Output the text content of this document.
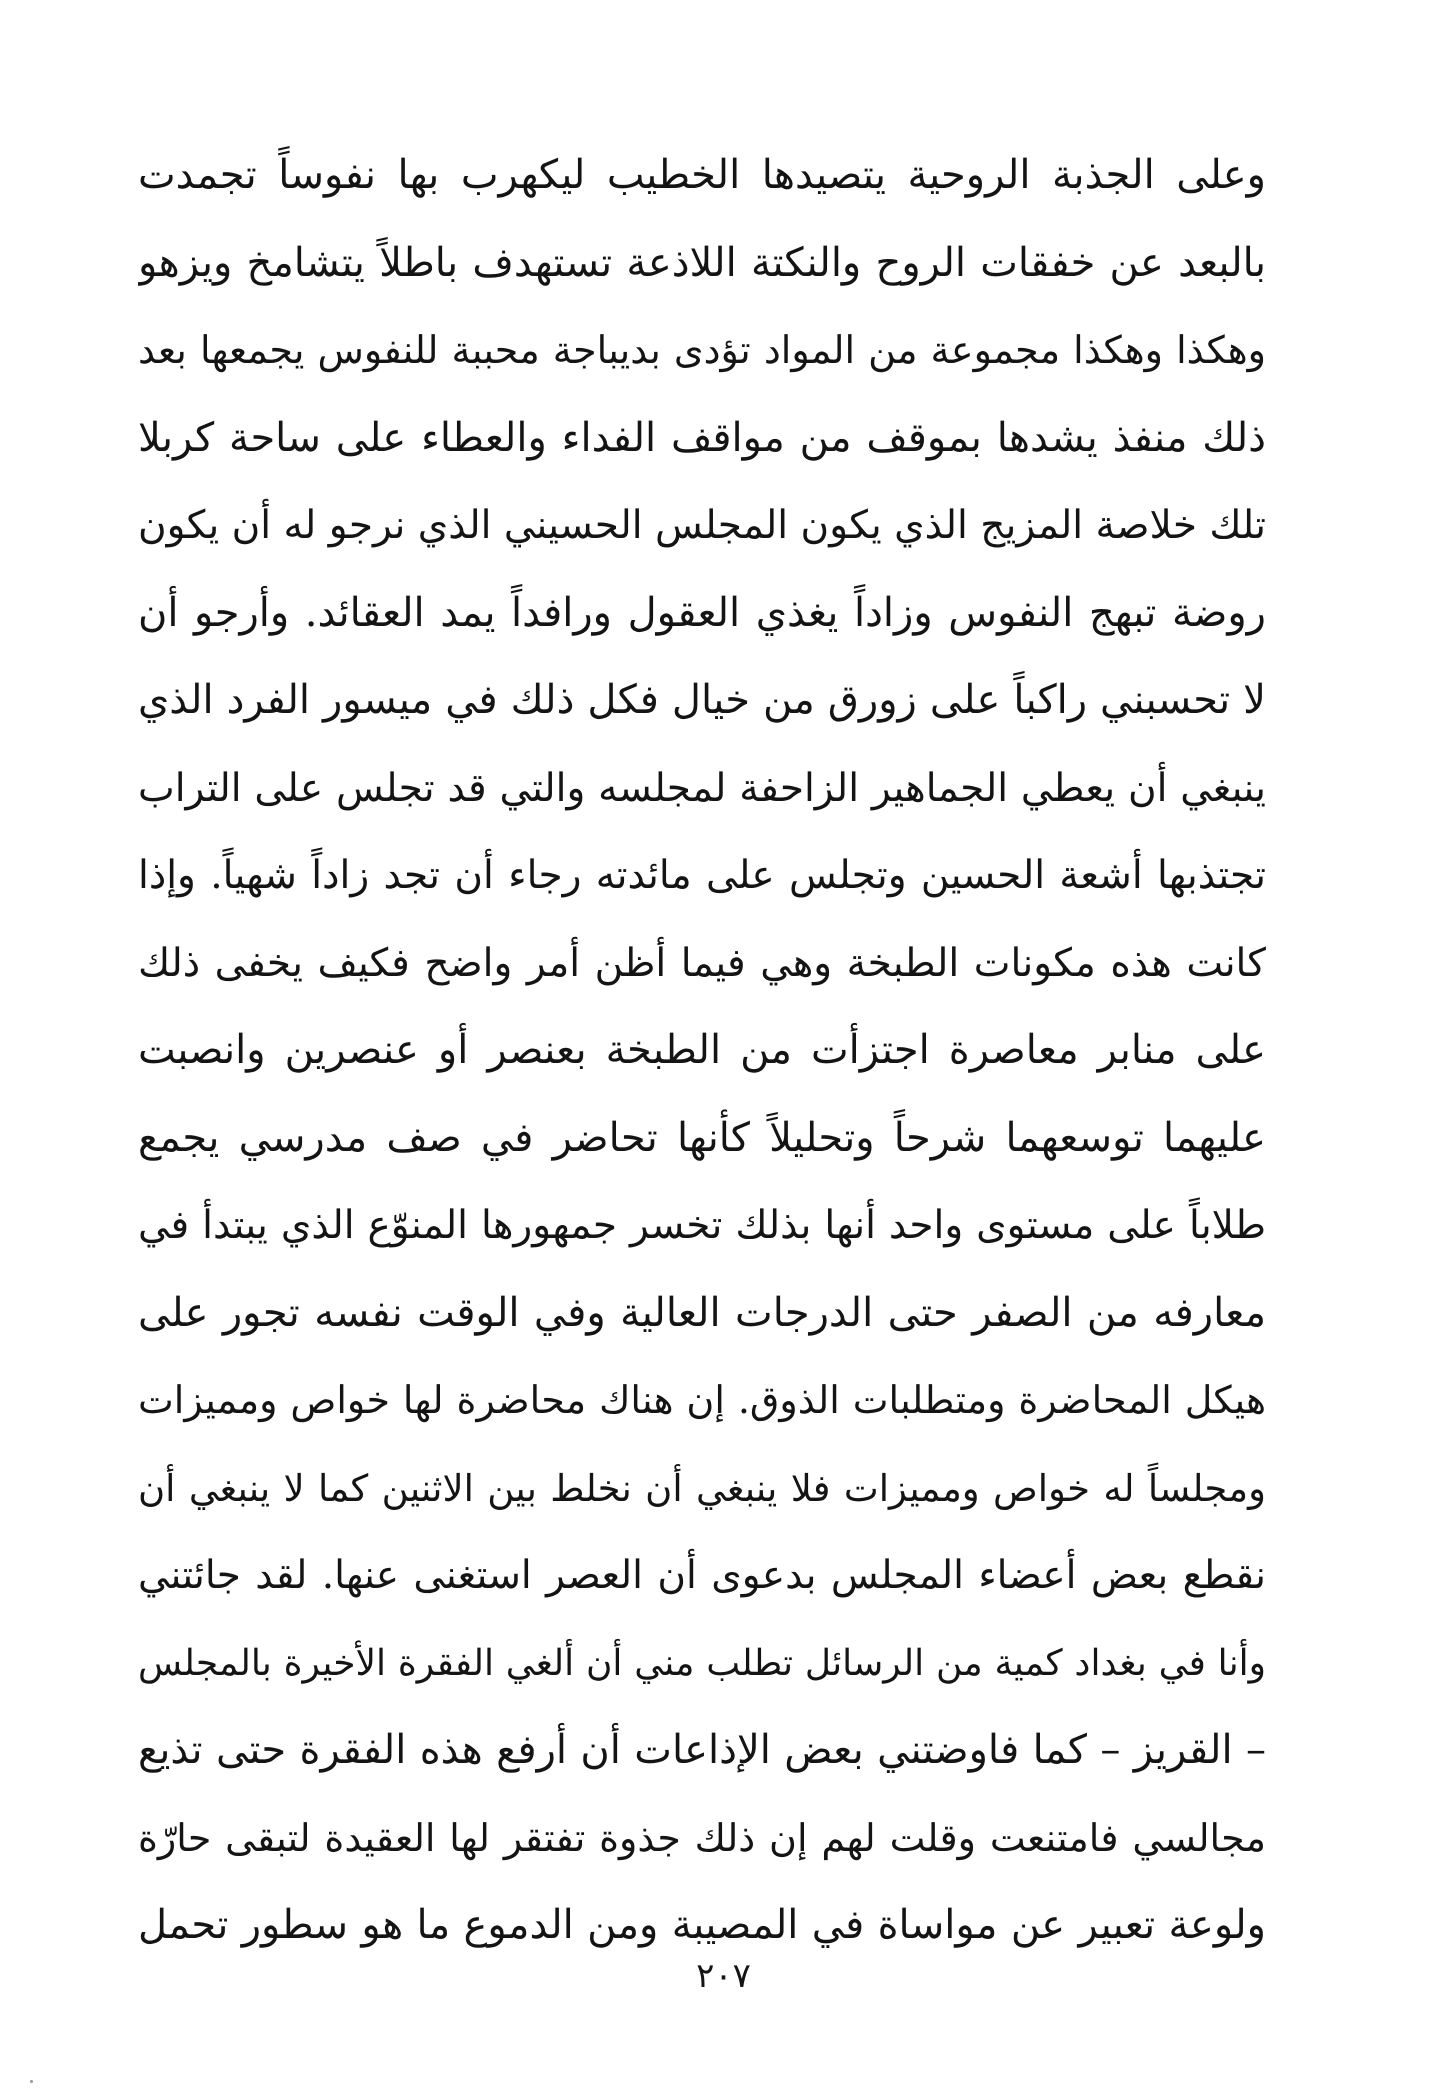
وعلى الجذبة الروحية يتصيدها الخطيب ليكهرب بها نفوساً تجمدت
بالبعد عن خفقات الروح والنكتة اللاذعة تستهدف باطلاً يتشامخ ويزهو
وهكذا وهكذا مجموعة من المواد تؤدى بديباجة محببة للنفوس يجمعها بعد
ذلك منفذ يشدها بموقف من مواقف الفداء والعطاء على ساحة كربلا
تلك خلاصة المزيج الذي يكون المجلس الحسيني الذي نرجو له أن يكون
روضة تبهج النفوس وزاداً يغذي العقول ورافداً يمد العقائد. وأرجو أن
لا تحسبني راكباً على زورق من خيال فكل ذلك في ميسور الفرد الذي
ينبغي أن يعطي الجماهير الزاحفة لمجلسه والتي قد تجلس على التراب
تجتذبها أشعة الحسين وتجلس على مائدته رجاء أن تجد زاداً شهياً. وإذا
كانت هذه مكونات الطبخة وهي فيما أظن أمر واضح فكيف يخفى ذلك
على منابر معاصرة اجتزأت من الطبخة بعنصر أو عنصرين وانصبت
عليهما توسعهما شرحاً وتحليلاً كأنها تحاضر في صف مدرسي يجمع
طلاباً على مستوى واحد أنها بذلك تخسر جمهورها المنوّع الذي يبتدأ في
معارفه من الصفر حتى الدرجات العالية وفي الوقت نفسه تجور على
هيكل المحاضرة ومتطلبات الذوق. إن هناك محاضرة لها خواص ومميزات
ومجلساً له خواص ومميزات فلا ينبغي أن نخلط بين الاثنين كما لا ينبغي أن
نقطع بعض أعضاء المجلس بدعوى أن العصر استغنى عنها. لقد جائتني
وأنا في بغداد كمية من الرسائل تطلب مني أن ألغي الفقرة الأخيرة بالمجلس
– القريز – كما فاوضتني بعض الإذاعات أن أرفع هذه الفقرة حتى تذيع
مجالسي فامتنعت وقلت لهم إن ذلك جذوة تفتقر لها العقيدة لتبقى حارّة
ولوعة تعبير عن مواساة في المصيبة ومن الدموع ما هو سطور تحمل
٢٠٧
